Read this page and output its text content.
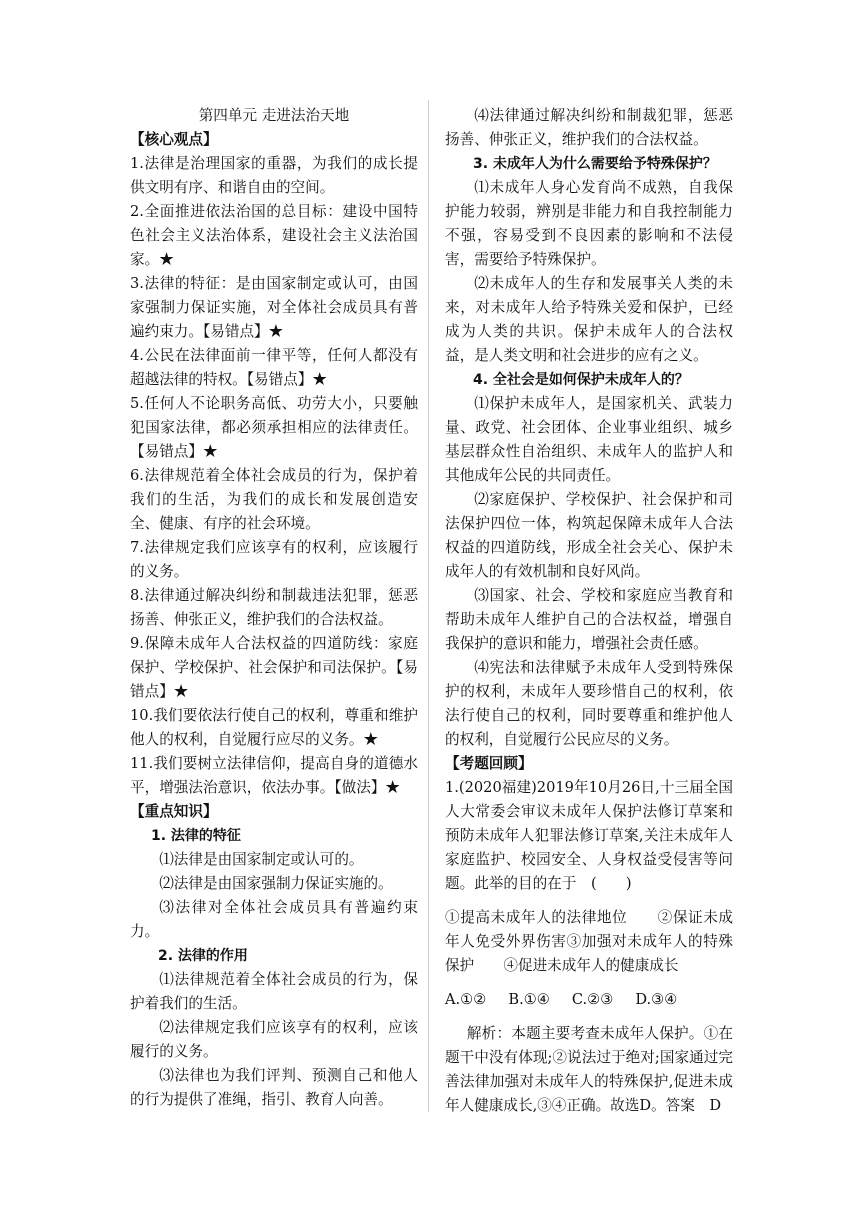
第四单元 走进法治天地

【核心观点】

1.法律是治理国家的重器，为我们的成长提供文明有序、和谐自由的空间。

2.全面推进依法治国的总目标：建设中国特色社会主义法治体系，建设社会主义法治国家。★

3.法律的特征：是由国家制定或认可，由国家强制力保证实施，对全体社会成员具有普遍约束力。【易错点】★

4.公民在法律面前一律平等，任何人都没有超越法律的特权。【易错点】★

5.任何人不论职务高低、功劳大小，只要触犯国家法律，都必须承担相应的法律责任。【易错点】★

6.法律规范着全体社会成员的行为，保护着我们的生活，为我们的成长和发展创造安全、健康、有序的社会环境。

7.法律规定我们应该享有的权利，应该履行的义务。

8.法律通过解决纠纷和制裁违法犯罪，惩恶扬善、伸张正义，维护我们的合法权益。

9.保障未成年人合法权益的四道防线：家庭保护、学校保护、社会保护和司法保护。【易错点】★

10.我们要依法行使自己的权利，尊重和维护他人的权利，自觉履行应尽的义务。★

11.我们要树立法律信仰，提高自身的道德水平，增强法治意识，依法办事。【做法】★

【重点知识】

1. 法律的特征

⑴法律是由国家制定或认可的。

⑵法律是由国家强制力保证实施的。

⑶法律对全体社会成员具有普遍约束力。

2. 法律的作用

⑴法律规范着全体社会成员的行为，保护着我们的生活。

⑵法律规定我们应该享有的权利，应该履行的义务。

⑶法律也为我们评判、预测自己和他人的行为提供了准绳，指引、教育人向善。

⑷法律通过解决纠纷和制裁犯罪，惩恶扬善、伸张正义，维护我们的合法权益。

3. 未成年人为什么需要给予特殊保护？

⑴未成年人身心发育尚不成熟，自我保护能力较弱，辨别是非能力和自我控制能力不强，容易受到不良因素的影响和不法侵害，需要给予特殊保护。

⑵未成年人的生存和发展事关人类的未来，对未成年人给予特殊关爱和保护，已经成为人类的共识。保护未成年人的合法权益，是人类文明和社会进步的应有之义。

4. 全社会是如何保护未成年人的？

⑴保护未成年人，是国家机关、武装力量、政党、社会团体、企业事业组织、城乡基层群众性自治组织、未成年人的监护人和其他成年公民的共同责任。

⑵家庭保护、学校保护、社会保护和司法保护四位一体，构筑起保障未成年人合法权益的四道防线，形成全社会关心、保护未成年人的有效机制和良好风尚。

⑶国家、社会、学校和家庭应当教育和帮助未成年人维护自己的合法权益，增强自我保护的意识和能力，增强社会责任感。

⑷宪法和法律赋予未成年人受到特殊保护的权利，未成年人要珍惜自己的权利，依法行使自己的权利，同时要尊重和维护他人的权利，自觉履行公民应尽的义务。

【考题回顾】

1.(2020福建)2019年10月26日,十三届全国人大常委会审议未成年人保护法修订草案和预防未成年人犯罪法修订草案,关注未成年人家庭监护、校园安全、人身权益受侵害等问题。此举的目的在于　(　　)

①提高未成年人的法律地位　　②保证未成年人免受外界伤害③加强对未成年人的特殊保护　　④促进未成年人的健康成长

A.①② B.①④ C.②③ D.③④

解析：本题主要考查未成年人保护。①在题干中没有体现;②说法过于绝对;国家通过完善法律加强对未成年人的特殊保护,促进未成年人健康成长,③④正确。故选D。答案　D
